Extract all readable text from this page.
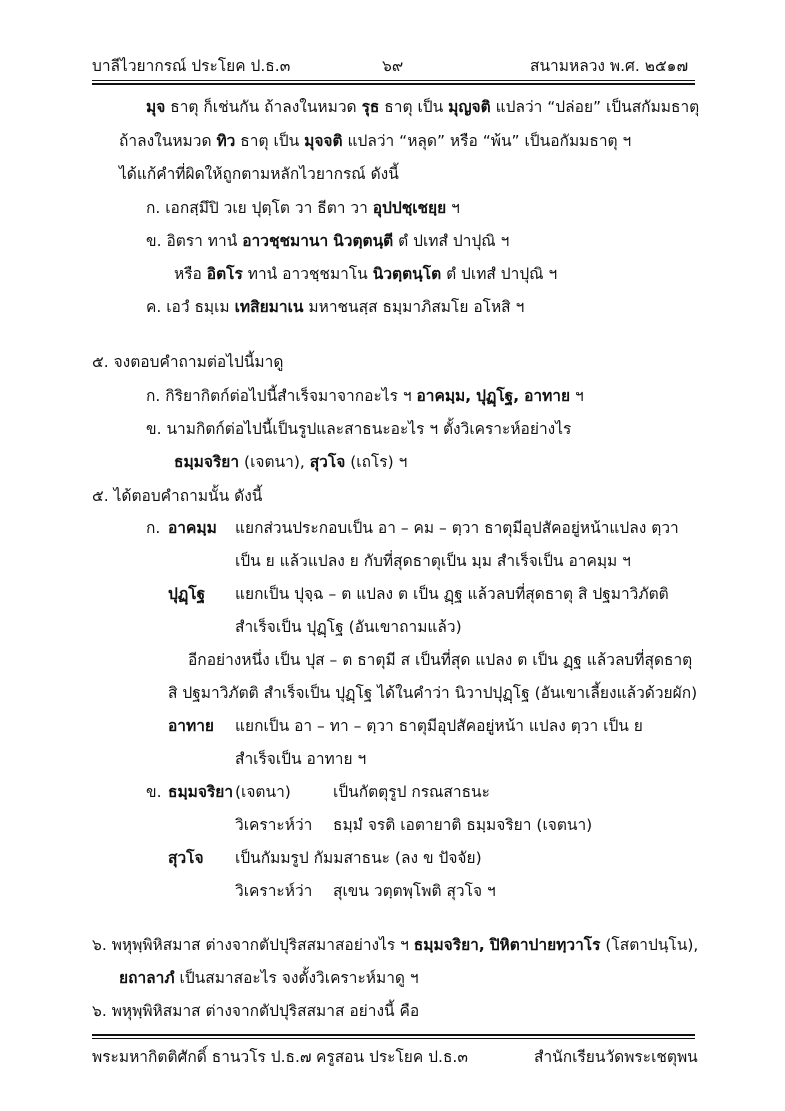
บาลีไวยากรณ์ ประโยค ป.ธ.๓	๖๙	สนามหลวง พ.ศ. ๒๕๑๗
มุจ ธาตุ ก็เช่นกัน ถ้าลงในหมวด รุธ ธาตุ เป็น มุญจติ แปลว่า “ปล่อย” เป็นสกัมมธาตุ
ถ้าลงในหมวด ทิว ธาตุ เป็น มุจจติ แปลว่า “หลุด” หรือ “พ้น” เป็นอกัมมธาตุ ฯ
ได้แก้คำที่ผิดให้ถูกตามหลักไวยากรณ์ ดังนี้
ก. เอกสฺมึปิ วเย ปุตฺโต วา ธีตา วา อุปปชฺเชยฺย ฯ
ข. อิตรา ทานํ อาวชฺชมานา นิวตฺตนฺตี ตํ ปเทสํ ปาปุณิ ฯ
หรือ อิตโร ทานํ อาวชฺชมาโน นิวตฺตนฺโต ตํ ปเทสํ ปาปุณิ ฯ
ค. เอวํ ธมฺเม เทสิยมาเน มหาชนสฺส ธมฺมาภิสมโย อโหสิ ฯ
๕. จงตอบคำถามต่อไปนี้มาดู
ก. กิริยากิตก์ต่อไปนี้สำเร็จมาจากอะไร ฯ อาคมฺม, ปุฏฺโฐ, อาทาย ฯ
ข. นามกิตก์ต่อไปนี้เป็นรูปและสาธนะอะไร ฯ ตั้งวิเคราะห์อย่างไร
ธมฺมจริยา (เจตนา), สุวโจ (เถโร) ฯ
๕. ได้ตอบคำถามนั้น ดังนี้
ก. อาคมฺม แยกส่วนประกอบเป็น อา – คม – ตฺวา ธาตุมีอุปสัคอยู่หน้าแปลง ตฺวา
เป็น ย แล้วแปลง ย กับที่สุดธาตุเป็น มฺม สำเร็จเป็น อาคมฺม ฯ
ปุฏฺโฐ แยกเป็น ปุจฺฉ – ต แปลง ต เป็น ฏฺฐ แล้วลบที่สุดธาตุ สิ ปฐมาวิภัตติ
สำเร็จเป็น ปุฏฺโฐ (อันเขาถามแล้ว)
อีกอย่างหนึ่ง เป็น ปุส – ต ธาตุมี ส เป็นที่สุด แปลง ต เป็น ฏฺฐ แล้วลบที่สุดธาตุ
สิ ปฐมาวิภัตติ สำเร็จเป็น ปุฏฺโฐ ได้ในคำว่า นิวาปปุฏฺโฐ (อันเขาเลี้ยงแล้วด้วยผัก)
อาทาย แยกเป็น อา – ทา – ตฺวา ธาตุมีอุปสัคอยู่หน้า แปลง ตฺวา เป็น ย
สำเร็จเป็น อาทาย ฯ
ข. ธมฺมจริยา (เจตนา)	เป็นกัตตุรูป กรณสาธนะ
วิเคราะห์ว่า ธมฺมํ จรติ เอตายาติ ธมฺมจริยา (เจตนา)
สุวโจ เป็นกัมมรูป กัมมสาธนะ (ลง ข ปัจจัย)
วิเคราะห์ว่า สุเขน วตฺตพฺโพติ สุวโจ ฯ
๖. พหุพฺพิหิสมาส ต่างจากตัปปุริสสมาสอย่างไร ฯ ธมฺมจริยา, ปิหิตาปายทฺวาโร (โสตาปนฺโน),
ยถาลาภํ เป็นสมาสอะไร จงตั้งวิเคราะห์มาดู ฯ
๖. พหุพฺพิหิสมาส ต่างจากตัปปุริสสมาส อย่างนี้ คือ
พระมหากิตติศักดิ์ ธานวโร ป.ธ.๗ ครูสอน ประโยค ป.ธ.๓	สำนักเรียนวัดพระเชตุพน
